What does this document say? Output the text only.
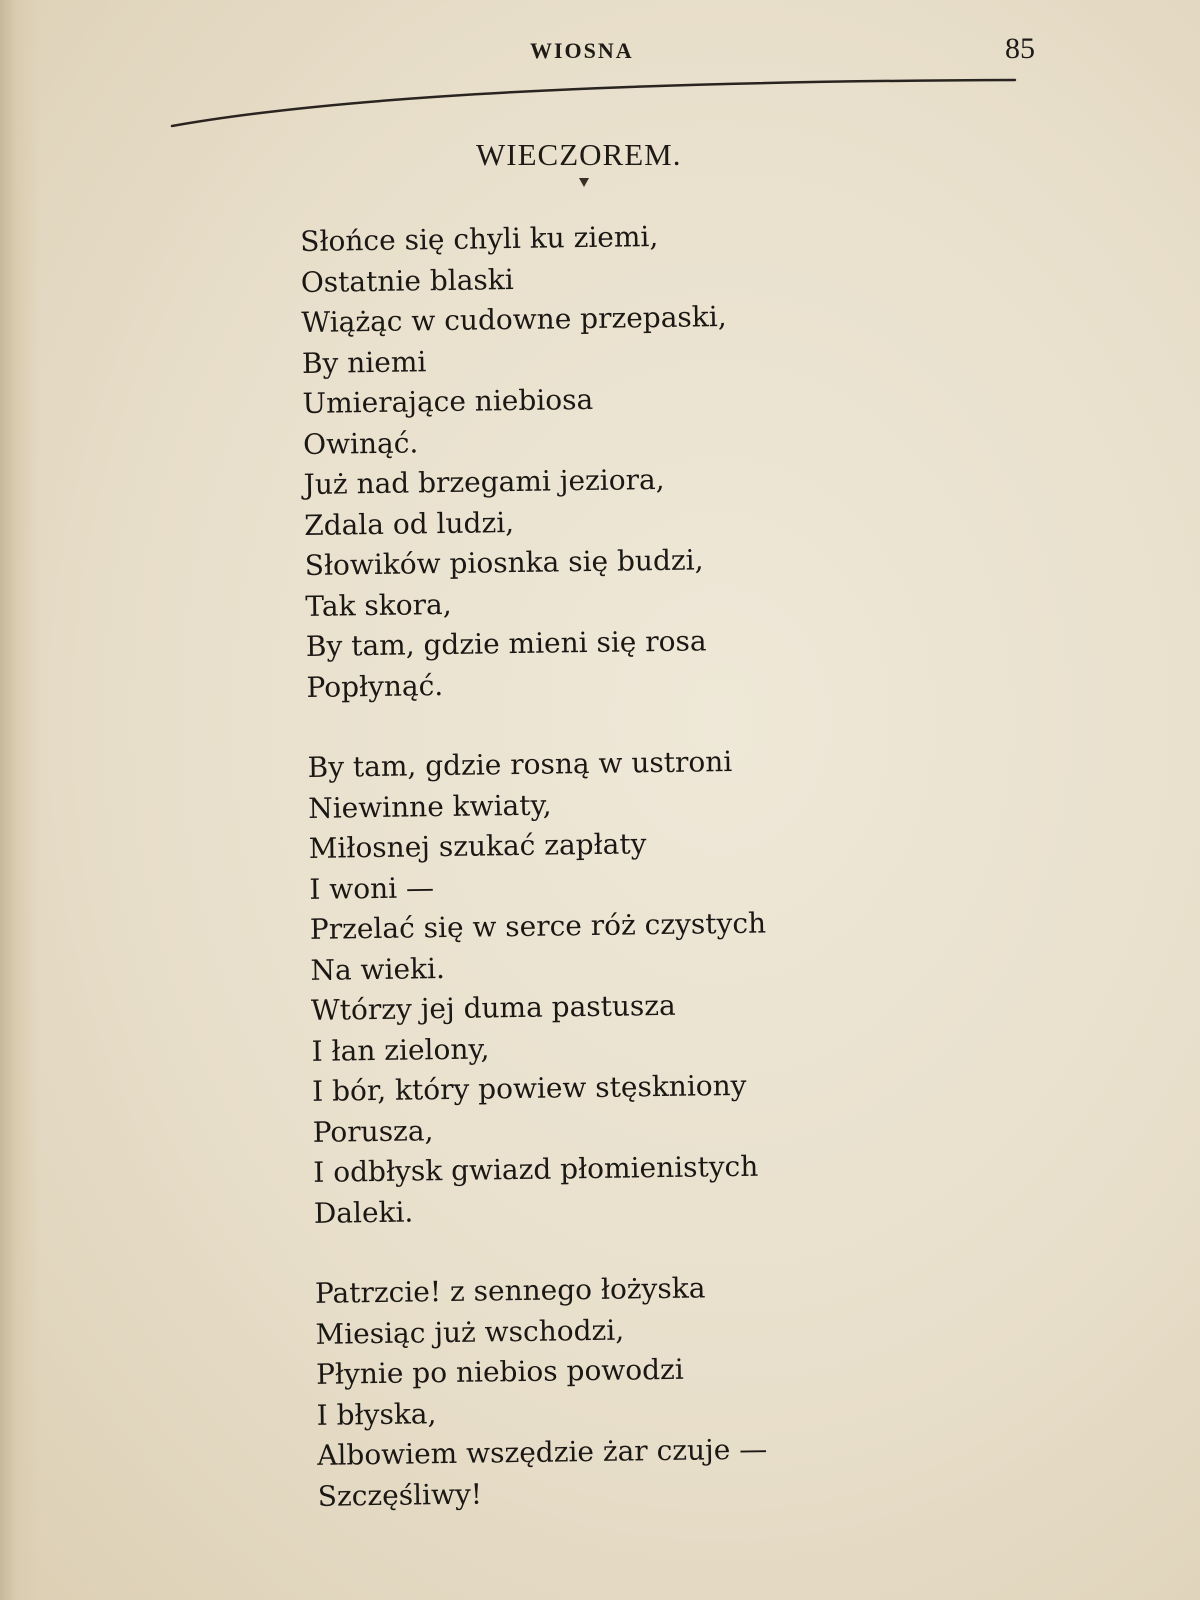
WIOSNA	85
WIECZOREM.
Słońce się chyli ku ziemi,
Ostatnie blaski
Wiążąc w cudowne przepaski,
By niemi
Umierające niebiosa
Owinąć.
Już nad brzegami jeziora,
Zdala od ludzi,
Słowików piosnka się budzi,
Tak skora,
By tam, gdzie mieni się rosa
Popłynąć.
By tam, gdzie rosną w ustroni
Niewinne kwiaty,
Miłosnej szukać zapłaty
I woni —
Przelać się w serce róż czystych
Na wieki.
Wtórzy jej duma pastusza
I łan zielony,
I bór, który powiew stęskniony
Porusza,
I odbłysk gwiazd płomienistych
Daleki.
Patrzcie! z sennego łożyska
Miesiąc już wschodzi,
Płynie po niebios powodzi
I błyska,
Albowiem wszędzie żar czuje —
Szczęśliwy!
